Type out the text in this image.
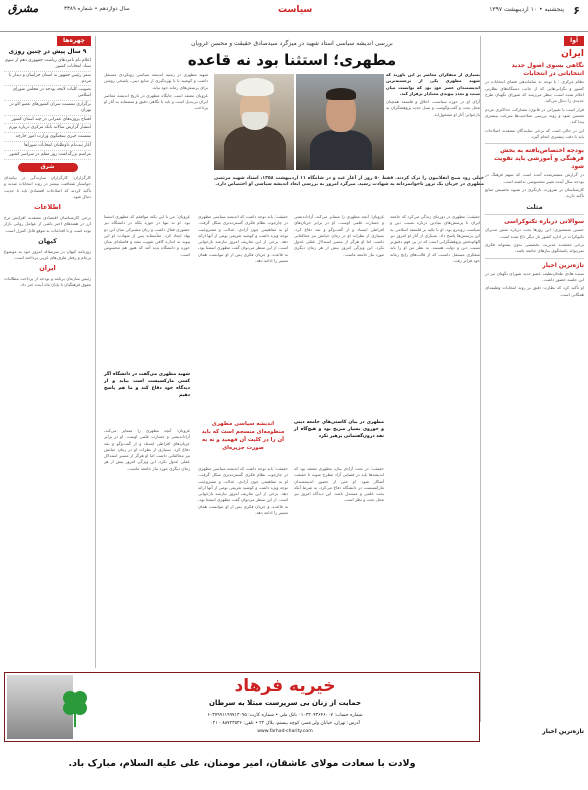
۶
پنجشنبه • ۱۰ اردیبهشت ۱۳۹۷
سیاست
مشرق	سال دوازدهم • شماره ۳۳۸۹
آوا
ایران
نگاهی بسوی اصول جدید انتخاباتی در انتخابات

نظام مرکزی : با توجه به ساماندهی فضای انتخابات در کشور و نگرانی‌هایی که از جانب دستگاه‌های نظارتی اعلام شده است، بنظر می‌رسد که شورای نگهبان طرح جدیدی را دنبال می‌کند.

قرار است با تغییراتی در قانون، مشارکت حداکثری مردم تضمین شود و روند بررسی صلاحیت‌ها سرعت بیشتری پیدا کند.

این در حالی است که برخی نمایندگان معتقدند اصلاحات باید با دقت بیشتری انجام گیرد.

بودجه اختصاص‌یافته به بخش فرهنگی و آموزشی باید تقویت شود

در گزارش منتشرشده آمده است که سهم فرهنگ در بودجه سال آینده تغییر محسوسی نداشته است.

کارشناسان بر ضرورت بازنگری در شیوه تخصیص منابع تأکید دارند.

مثلث
سوالاتی درباره تکنوکراسی

حسین شمشیری: این روزها بحث درباره نقش مدیران تکنوکرات در اداره کشور بار دیگر داغ شده است.

برخی معتقدند مدیریت تخصصی بدون پشتوانه فکری نمی‌تواند پاسخگوی نیازهای جامعه باشد.

تازه‌ترین اخبار

سیده هادی طحان‌نظیف عضو جدید شورای نگهبان نیز در این جلسه حضور داشت.

او تأکید کرد که نظارت دقیق بر روند انتخابات وظیفه‌ای همگانی است.

چهره‌ها
۹ سال پیش در چنین روزی
اعلام نام نامزدهای ریاست جمهوری دهم از سوی ستاد انتخابات کشور
سفر رئیس جمهور به استان خراسان و دیدار با مردم
تصویب کلیات لایحه بودجه در مجلس شورای اسلامی
برگزاری نشست سران کشورهای عضو اکو در تهران
افتتاح پروژه‌های عمرانی در چند استان کشور
انتشار گزارش سالانه بانک مرکزی درباره تورم
نشست خبری سخنگوی وزارت امور خارجه
آغاز ثبت‌نام داوطلبان انتخابات شوراها
مراسم بزرگداشت روز معلم در سراسر کشور
شرق

کارگزاران: کارگزاران سازندگی در بیانیه‌ای خواستار شفافیت بیشتر در روند انتخابات شدند و تأکید کردند که اصلاحات اقتصادی باید با جدیت دنبال شود.

اطلاعات

برخی کارشناسان اقتصادی معتقدند افزایش نرخ ارز در هفته‌های اخیر ناشی از عوامل روانی بازار بوده است و با اقدامات به موقع قابل کنترل است.

کیهان

روزنامه کیهان در سرمقاله امروز خود به موضوع برجام و رفتار طرف‌های غربی پرداخته است.

ایران

رئیس سازمان برنامه و بودجه از پرداخت مطالبات معوق فرهنگیان تا پایان ماه آینده خبر داد.

بررسی اندیشه سیاسی استاد شهید در میزگرد سیدصادق حقیقت و محسن غرویان
مطهری؛ استثنا بود نه قاعده

بسیاری از متفکران معاصر بر این باورند که شهید مطهری یکی از برجسته‌ترین اندیشمندان عصر خود بود که توانست میان سنت و تجدد پیوندی معنادار برقرار کند.

آرای او در حوزه سیاست، اخلاق و فلسفه همچنان محل بحث و گفت‌وگوست و نسل جدید پژوهشگران به بازخوانی آثار او مشغول‌اند.

شهید مطهری در زمینه اندیشه سیاسی رویکردی مستقل داشت و کوشید تا با بهره‌گیری از منابع دینی، پاسخی روشن برای پرسش‌های زمانه خود بیابد.

غرویان معتقد است جایگاه مطهری در تاریخ اندیشه معاصر ایران بی‌بدیل است و باید با نگاهی دقیق و منصفانه به آثار او پرداخت.

خیلی زود صبح انقلابیون را ترک کردند. فقط ۵۰ روز از آغاز عید و در شامگاه ۱۱ اردیبهشت ۱۳۵۸، استاد شهید مرتضی مطهری در جریان یک ترور ناجوانمردانه به شهادت رسید. میزگرد امروز به بررسی ابعاد اندیشه سیاسی او اختصاص دارد.

حقیقت: مطهری در دوره‌ای زندگی می‌کرد که جامعه ایران با پرسش‌های بنیادین درباره نسبت دین و سیاست روبه‌رو بود. او با تکیه بر فلسفه اسلامی به این پرسش‌ها پاسخ داد. بسیاری از آثار او امروز نیز الهام‌بخش پژوهشگرانی است که در پی فهم دقیق‌تر نسبت دین و دولت هستند. به نظر من او را باید متفکری مستقل دانست که از قالب‌های رایج زمانه خود فراتر رفت.

غرویان: آنچه مطهری را متمایز می‌کند، آزاداندیشی و جسارت علمی اوست. او در برابر جریان‌های افراطی ایستاد و از گفت‌وگو و نقد دفاع کرد. بسیاری از نظرات او در زمان حیاتش نیز مخالفانی داشت اما او هرگز از مسیر استدلال عقلی عدول نکرد. این ویژگی امروز بیش از هر زمان دیگری مورد نیاز جامعه ماست.

حقیقت: باید توجه داشت که اندیشه سیاسی مطهری در چارچوب نظام فکری گسترده‌تری شکل گرفت. او به مفاهیمی چون آزادی، عدالت و مشروعیت توجه ویژه داشت و کوشید تعریفی بومی از آنها ارائه دهد. برخی از این تعاریف امروز نیازمند بازخوانی است. از این منظر می‌توان گفت مطهری استثنا بود، نه قاعده، و جریان فکری پس از او نتوانست همان مسیر را ادامه دهد.

غرویان: من با این نکته موافقم که مطهری استثنا بود. او نه تنها در حوزه بلکه در دانشگاه نیز حضوری فعال داشت و زبان مشترکی میان این دو نهاد ایجاد کرد. متأسفانه پس از شهادت او این پیوند به اندازه کافی تقویت نشد و فاصله‌ای میان حوزه و دانشگاه پدید آمد که هنوز هم محسوس است.

مطهری در بیان کاستی‌های جامعه دینی و حوزوی بسیار صریح بود و هیچ‌گاه از نقد درون‌گفتمانی پرهیز نکرد
اندیشه سیاسی مطهری منظومه‌ای منسجم است که باید آن را در کلیت آن فهمید و نه به صورت جزیره‌ای
شهید مطهری می‌گفت در دانشگاه اگر کسی مارکسیست است بیاید و از دیدگاه خود دفاع کند و ما هم پاسخ دهیم

حقیقت: در بحث آزادی بیان، مطهری معتقد بود که اندیشه‌ها باید در فضایی آزاد مطرح شوند تا حقیقت آشکار شود. او حتی از حضور اندیشمندان مارکسیست در دانشگاه دفاع می‌کرد، به شرط آنکه بحث علمی و مستدل باشد. این دیدگاه امروز نیز محل بحث و نظر است.

حقیقت: باید توجه داشت که اندیشه سیاسی مطهری در چارچوب نظام فکری گسترده‌تری شکل گرفت. او به مفاهیمی چون آزادی، عدالت و مشروعیت توجه ویژه داشت و کوشید تعریفی بومی از آنها ارائه دهد. برخی از این تعاریف امروز نیازمند بازخوانی است. از این منظر می‌توان گفت مطهری استثنا بود، نه قاعده، و جریان فکری پس از او نتوانست همان مسیر را ادامه دهد.

غرویان: آنچه مطهری را متمایز می‌کند، آزاداندیشی و جسارت علمی اوست. او در برابر جریان‌های افراطی ایستاد و از گفت‌وگو و نقد دفاع کرد. بسیاری از نظرات او در زمان حیاتش نیز مخالفانی داشت اما او هرگز از مسیر استدلال عقلی عدول نکرد. این ویژگی امروز بیش از هر زمان دیگری مورد نیاز جامعه ماست.

تازه‌ترین اخبار
خیریه فرهاد
حمایت از زنان بی سرپرست مبتلا به سرطان
شماره حساب: ۰۱۰۳۳۰۴۳۶۴۶۰۰۷ بانک ملی • شماره کارت: ۶۰۳۷۹۹۱۱۹۹۷۱۳۰۹۵
آدرس: تهران، خیابان ولی‌عصر، کوچه بیستم، پلاک ۲۲ • تلفن: ۸۸۷۲۳۵۳۶ - ۰۲۱
www.farhad-charity.com
ولادت با سعادت مولای عاشقان، امیر مومنان، علی علیه السلام، مبارک باد.
